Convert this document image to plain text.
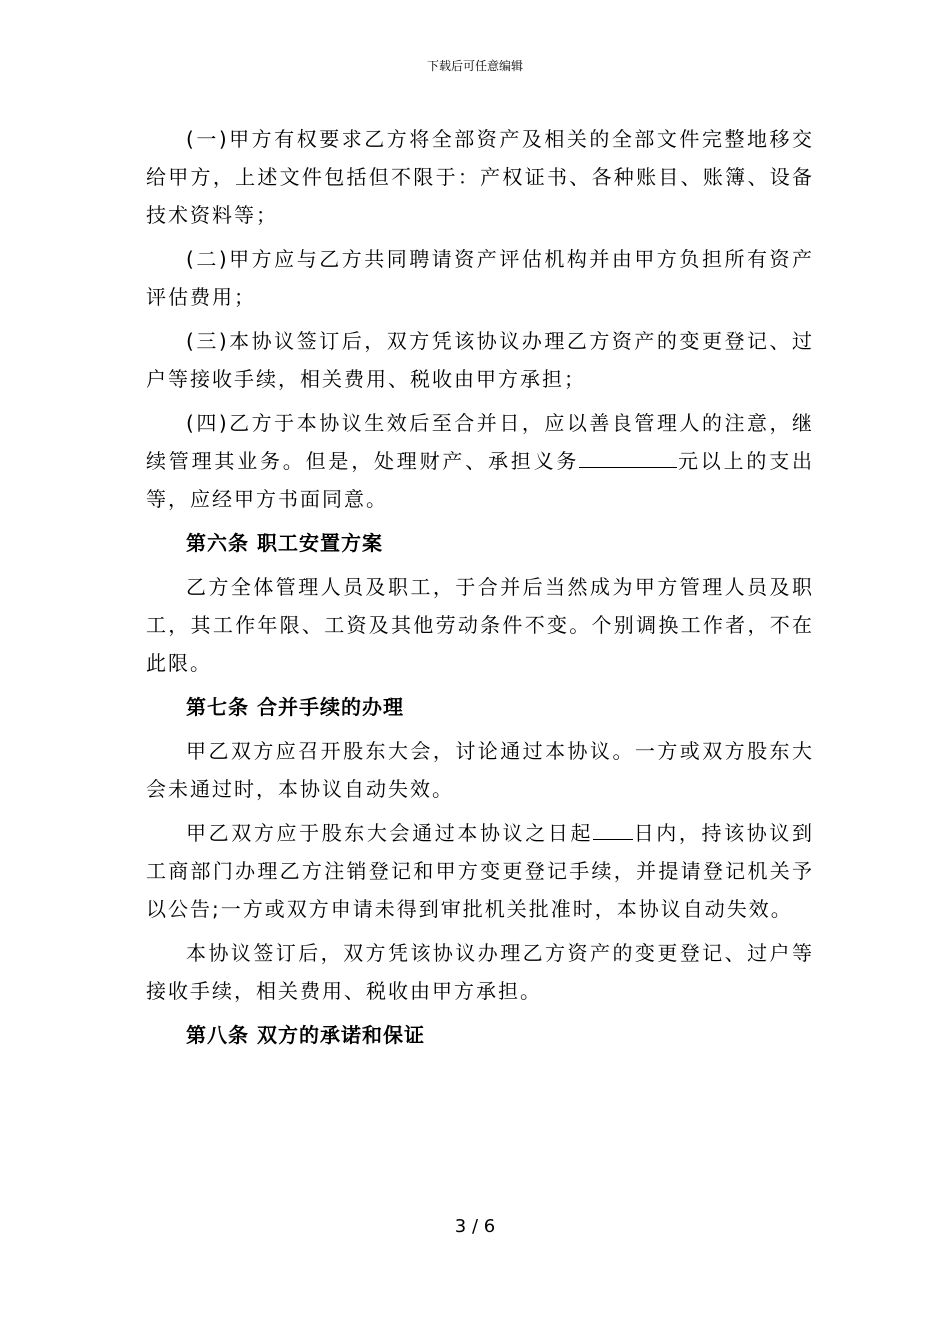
下载后可任意编辑

(一)甲方有权要求乙方将全部资产及相关的全部文件完整地移交给甲方，上述文件包括但不限于：产权证书、各种账目、账簿、设备技术资料等；

(二)甲方应与乙方共同聘请资产评估机构并由甲方负担所有资产评估费用；

(三)本协议签订后，双方凭该协议办理乙方资产的变更登记、过户等接收手续，相关费用、税收由甲方承担；

(四)乙方于本协议生效后至合并日，应以善良管理人的注意，继续管理其业务。但是，处理财产、承担义务	元以上的支出等，应经甲方书面同意。

第六条 职工安置方案

乙方全体管理人员及职工，于合并后当然成为甲方管理人员及职工，其工作年限、工资及其他劳动条件不变。个别调换工作者，不在此限。

第七条 合并手续的办理

甲乙双方应召开股东大会，讨论通过本协议。一方或双方股东大会未通过时，本协议自动失效。

甲乙双方应于股东大会通过本协议之日起 日内，持该协议到工商部门办理乙方注销登记和甲方变更登记手续，并提请登记机关予以公告;一方或双方申请未得到审批机关批准时，本协议自动失效。

本协议签订后，双方凭该协议办理乙方资产的变更登记、过户等接收手续，相关费用、税收由甲方承担。

第八条 双方的承诺和保证

3 / 6
